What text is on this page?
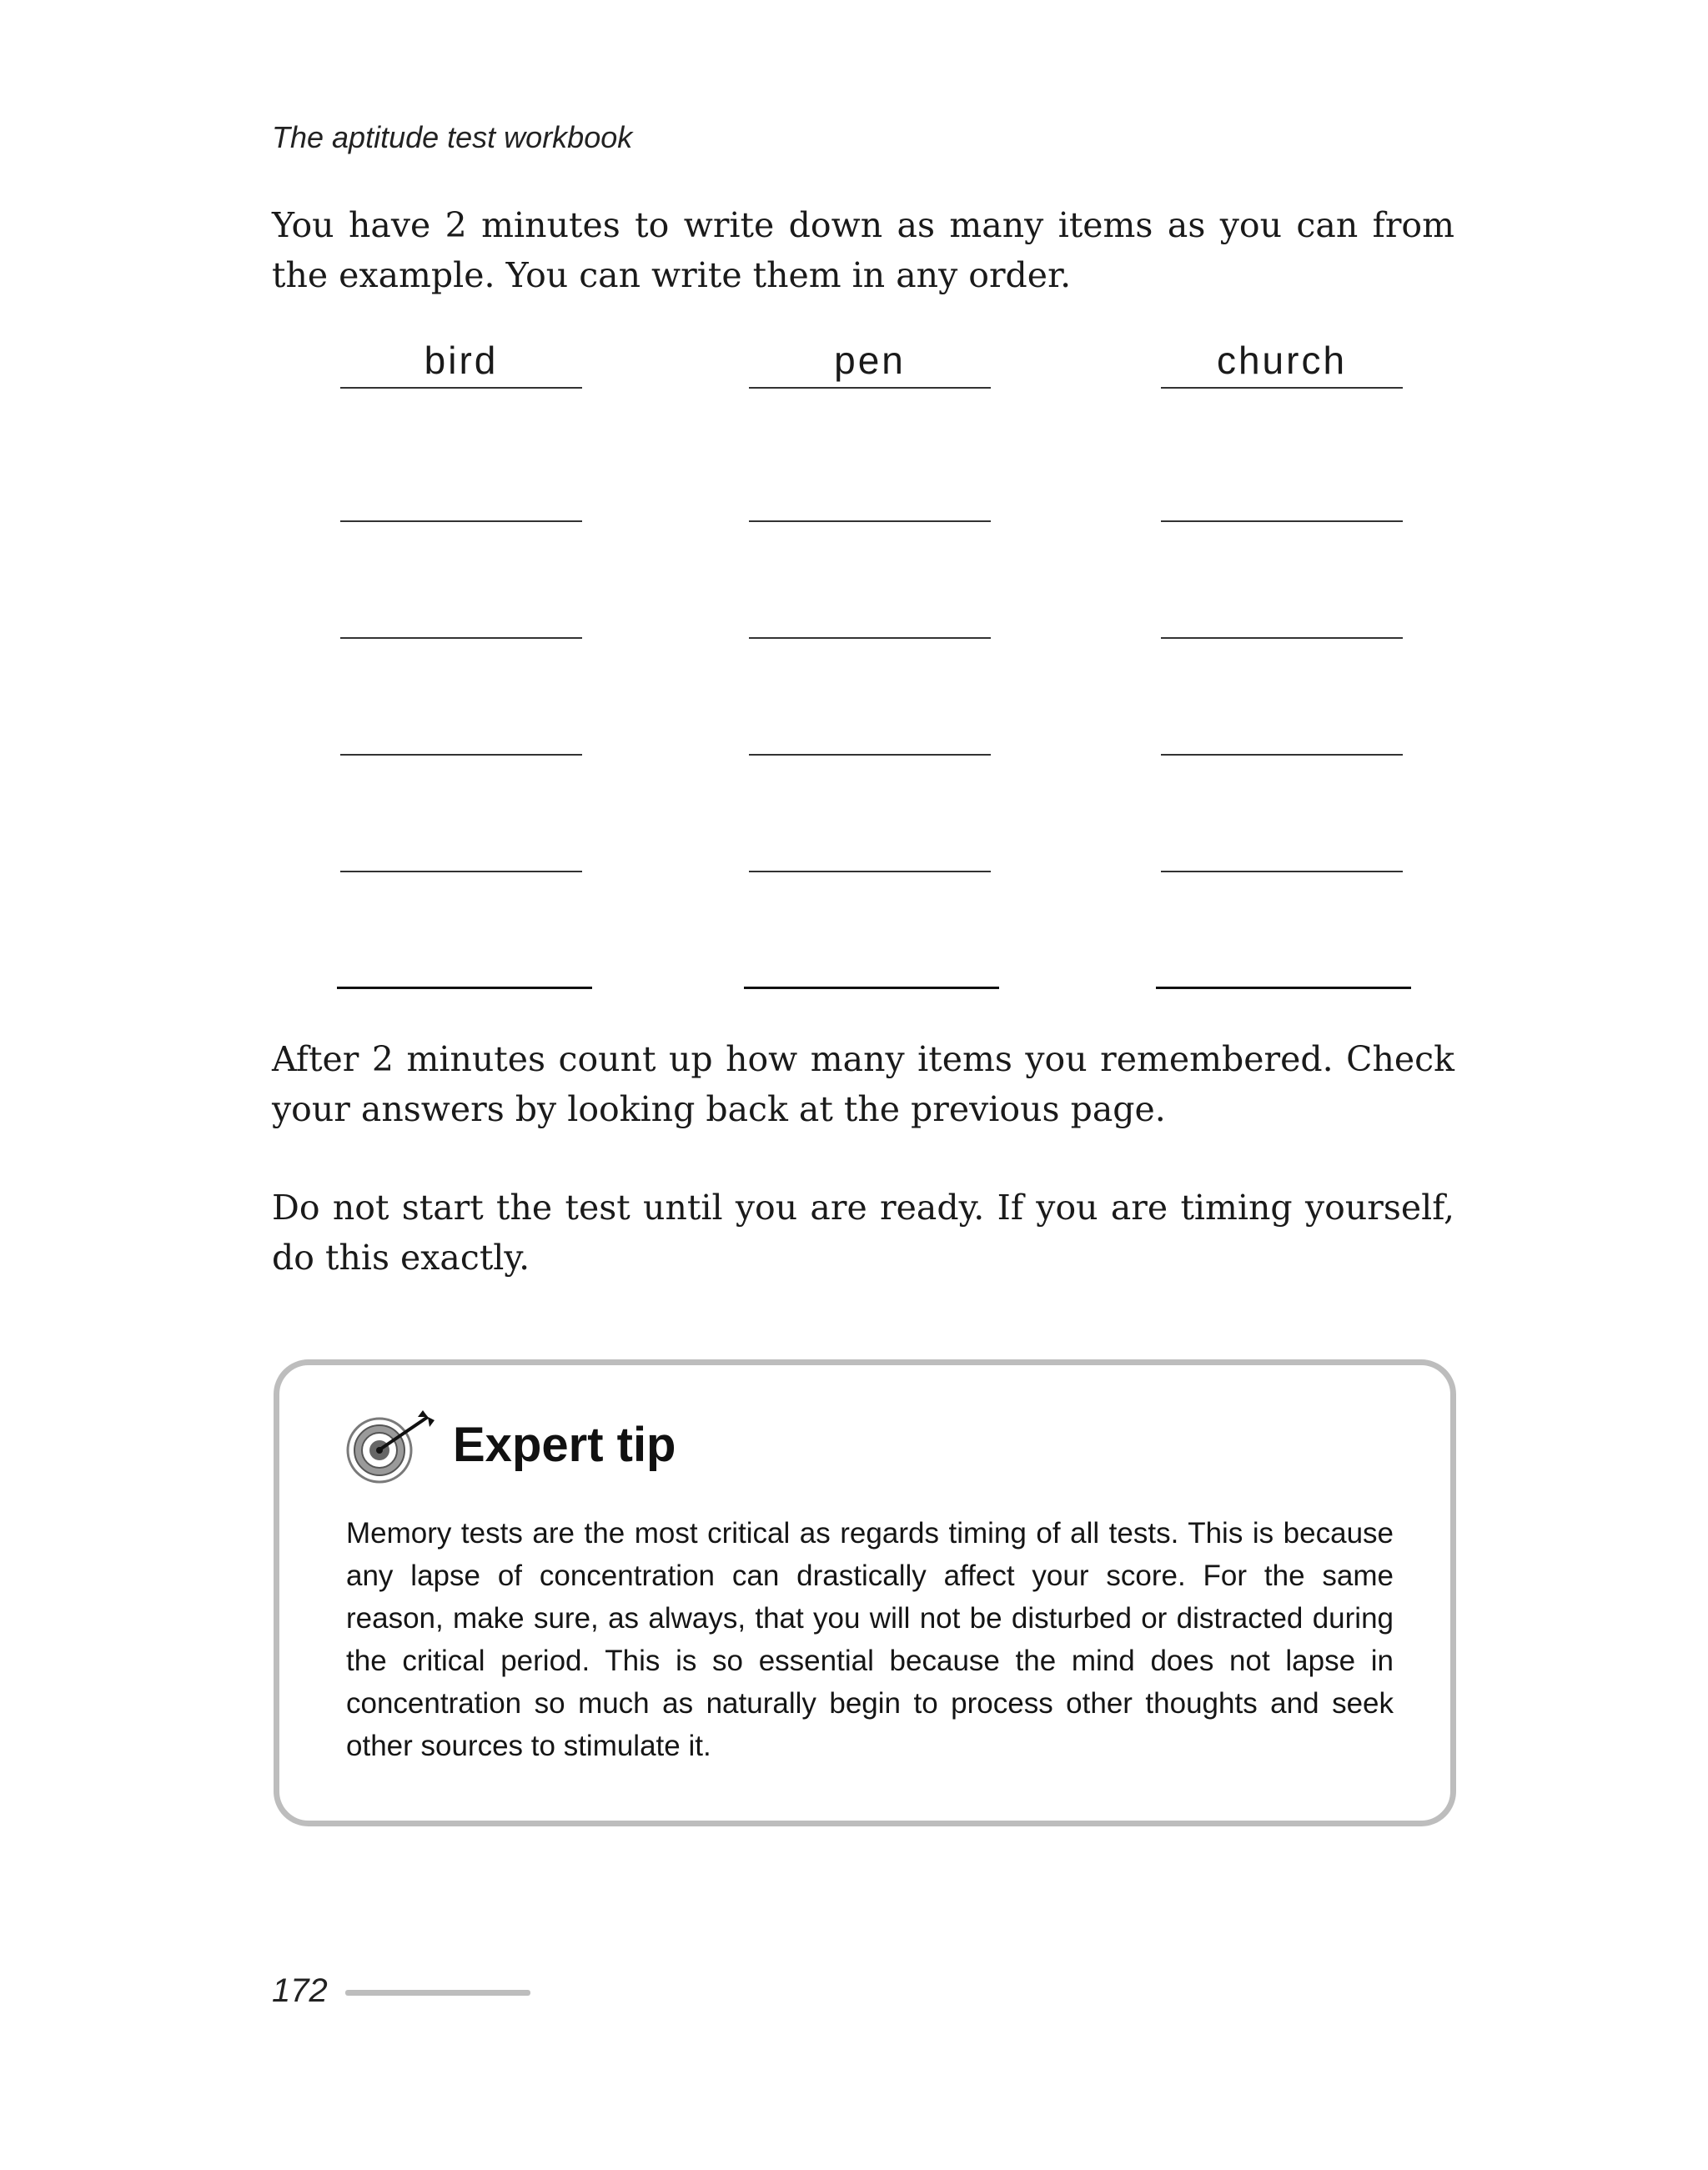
The aptitude test workbook

You have 2 minutes to write down as many items as you can from the example. You can write them in any order.

bird	pen	church

After 2 minutes count up how many items you remembered. Check your answers by looking back at the previous page.

Do not start the test until you are ready. If you are timing yourself, do this exactly.

Expert tip

Memory tests are the most critical as regards timing of all tests. This is because any lapse of concentration can drastically affect your score. For the same reason, make sure, as always, that you will not be disturbed or distracted during the critical period. This is so essential because the mind does not lapse in concentration so much as naturally begin to process other thoughts and seek other sources to stimulate it.

172
